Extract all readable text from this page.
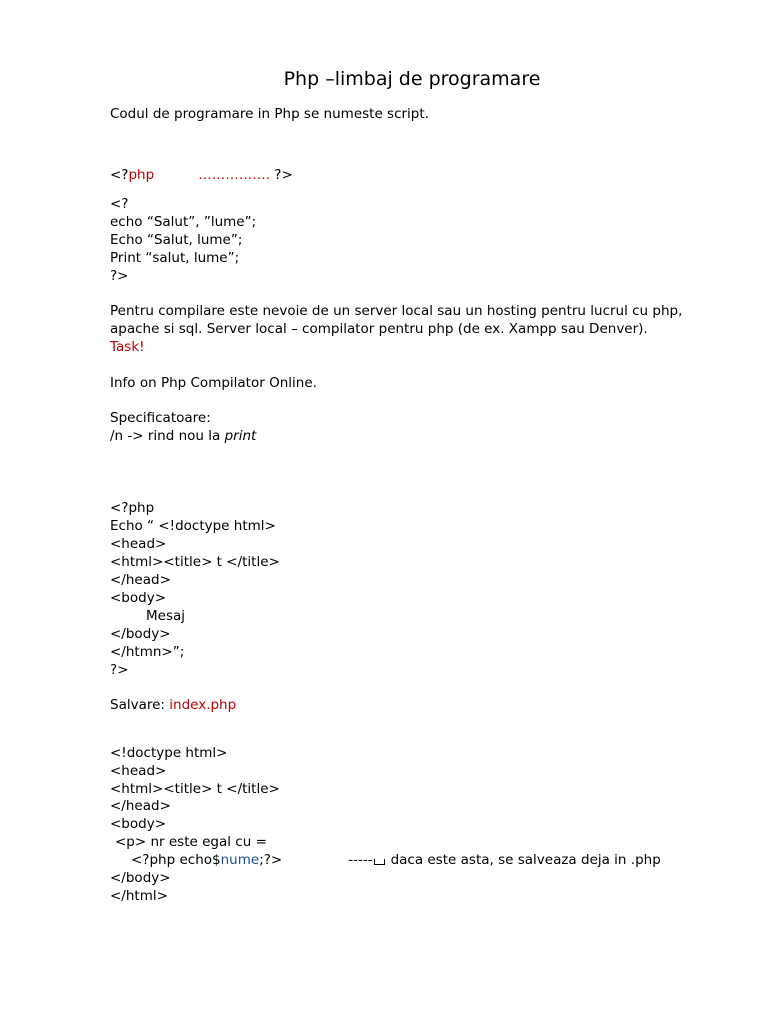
Php –limbaj de programare
Codul de programare in Php se numeste script.
<?php	……………. ?>
<?
echo “Salut”, ”lume”;
Echo “Salut, lume”;
Print “salut, lume”;
?>
Pentru compilare este nevoie de un server local sau un hosting pentru lucrul cu php,
apache si sql. Server local – compilator pentru php (de ex. Xampp sau Denver).
Task!
Info on Php Compilator Online.
Specificatoare:
/n -> rind nou la print
<?php
Echo “ <!doctype html>
<head>
<html><title> t </title>
</head>
<body>
Mesaj
</body>
</htmn>”;
?>
Salvare: index.php
<!doctype html>
<head>
<html><title> t </title>
</head>
<body>
<p> nr este egal cu =
<?php echo$nume;?>	----- daca este asta, se salveaza deja in .php
</body>
</html>
